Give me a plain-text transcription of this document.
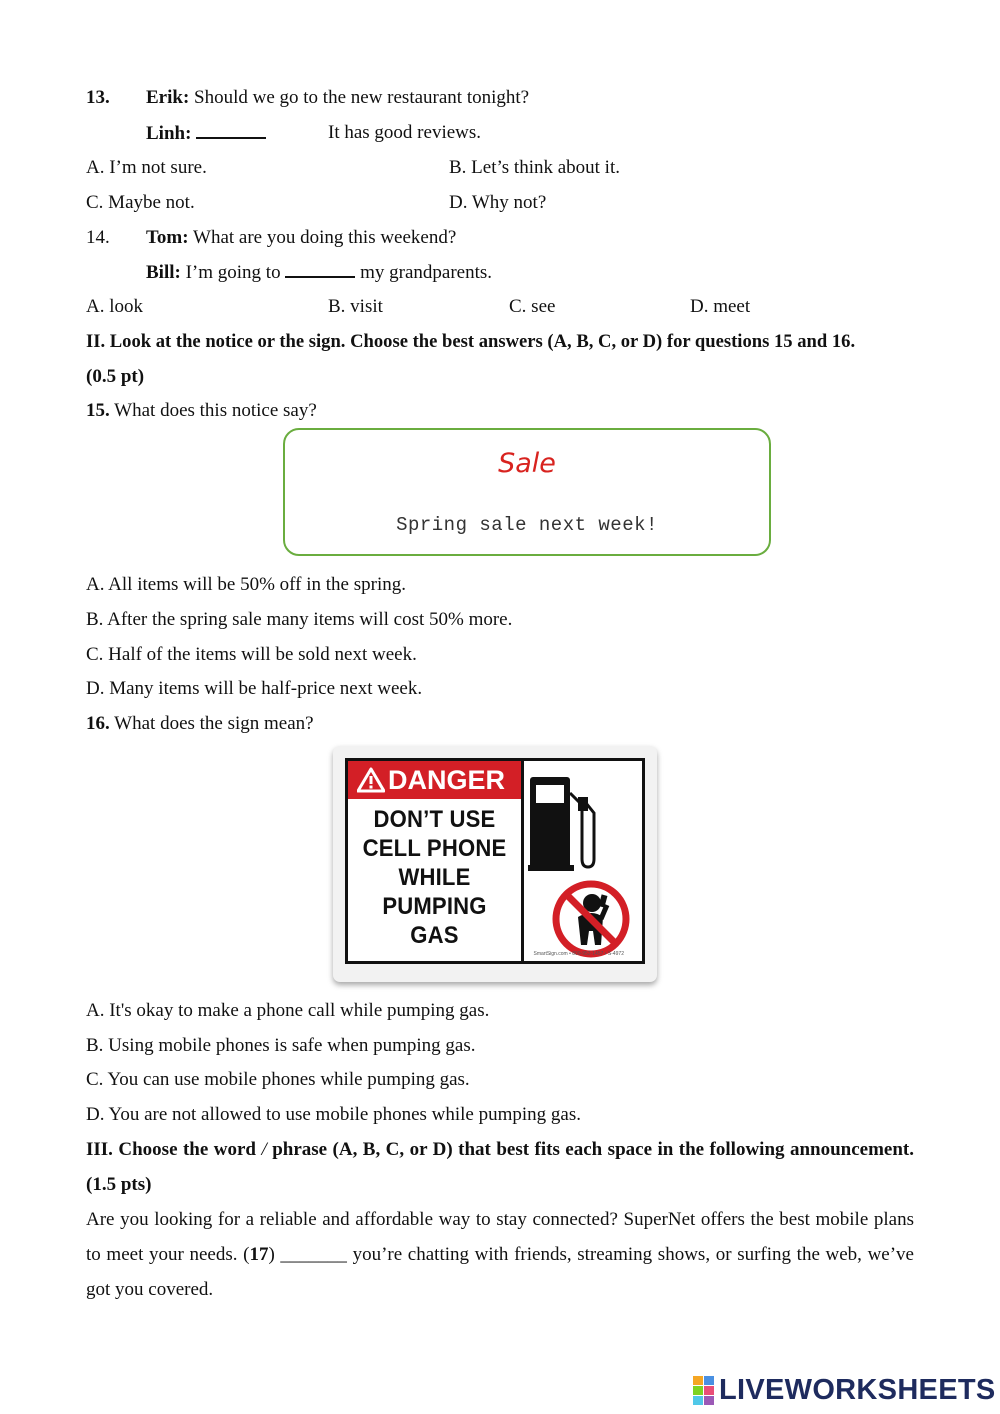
13. Erik: Should we go to the new restaurant tonight?
Linh:	It has good reviews.
A. I’m not sure.	B. Let’s think about it.
C. Maybe not.	D. Why not?
14. Tom: What are you doing this weekend?
Bill: I’m going to	my grandparents.
A. look	B. visit	C. see	D. meet
II. Look at the notice or the sign. Choose the best answers (A, B, C, or D) for questions 15 and 16.
(0.5 pt)
15. What does this notice say?
Sale
Spring sale next week!
A. All items will be 50% off in the spring.
B. After the spring sale many items will cost 50% more.
C. Half of the items will be sold next week.
D. Many items will be half-price next week.
16. What does the sign mean?
DANGER
DON’T USE
CELL PHONE
WHILE
PUMPING
GAS
SmartSign.com • 800-952-1457 • S-4972
A. It's okay to make a phone call while pumping gas.
B. Using mobile phones is safe when pumping gas.
C. You can use mobile phones while pumping gas.
D. You are not allowed to use mobile phones while pumping gas.
III. Choose the word / phrase (A, B, C, or D) that best fits each space in the following announcement. (1.5 pts)
Are you looking for a reliable and affordable way to stay connected? SuperNet offers the best mobile plans to meet your needs. (17) _______ you’re chatting with friends, streaming shows, or surfing the web, we’ve got you covered.
LIVEWORKSHEETS
